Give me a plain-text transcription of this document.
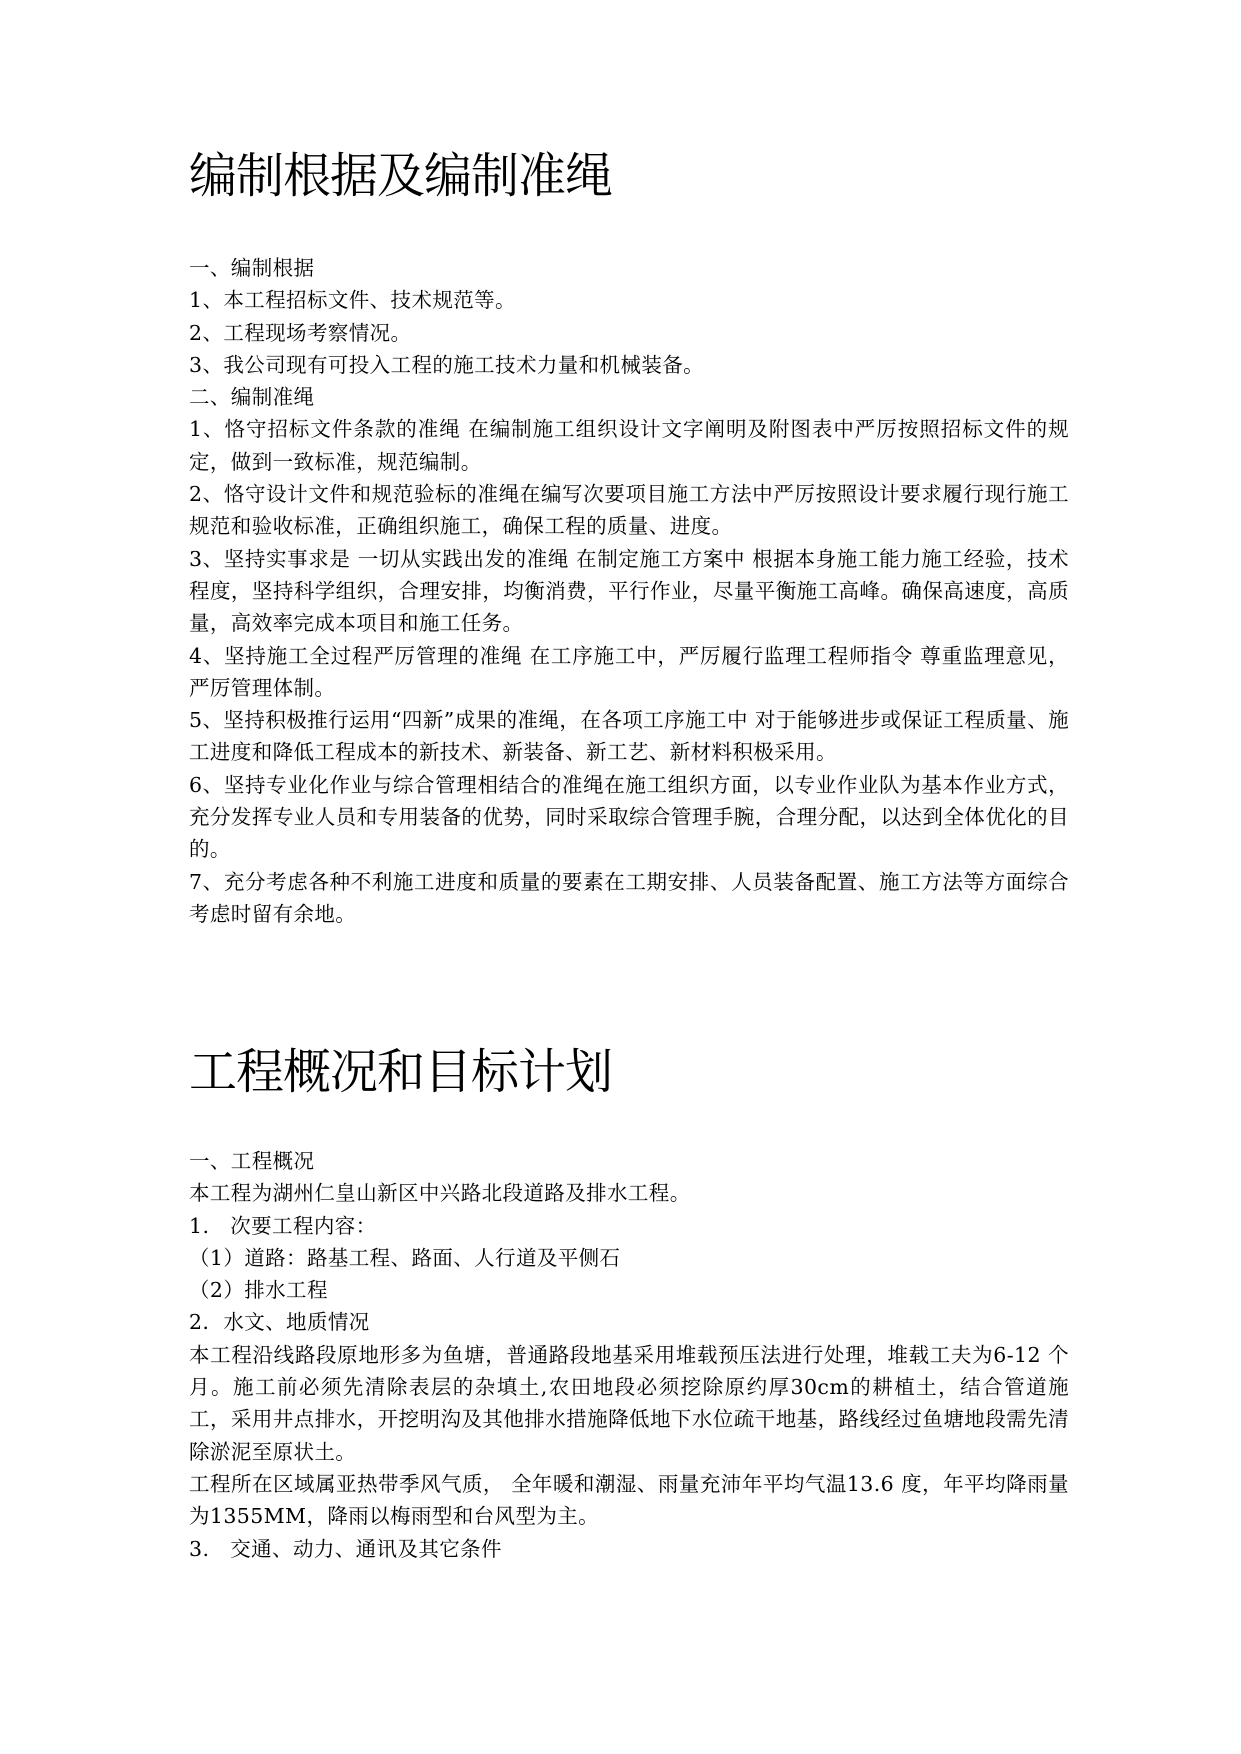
编制根据及编制准绳

一、编制根据

1、本工程招标文件、技术规范等。

2、工程现场考察情况。

3、我公司现有可投入工程的施工技术力量和机械装备。

二、编制准绳

1、恪守招标文件条款的准绳 在编制施工组织设计文字阐明及附图表中严厉按照招标文件的规定，做到一致标准，规范编制。

2、恪守设计文件和规范验标的准绳在编写次要项目施工方法中严厉按照设计要求履行现行施工规范和验收标准，正确组织施工，确保工程的质量、进度。

3、坚持实事求是 一切从实践出发的准绳 在制定施工方案中 根据本身施工能力施工经验，技术程度，坚持科学组织，合理安排，均衡消费，平行作业，尽量平衡施工高峰。确保高速度，高质量，高效率完成本项目和施工任务。

4、坚持施工全过程严厉管理的准绳 在工序施工中，严厉履行监理工程师指令 尊重监理意见，严厉管理体制。

5、坚持积极推行运用“四新”成果的准绳，在各项工序施工中 对于能够进步或保证工程质量、施工进度和降低工程成本的新技术、新装备、新工艺、新材料积极采用。

6、坚持专业化作业与综合管理相结合的准绳在施工组织方面，以专业作业队为基本作业方式，充分发挥专业人员和专用装备的优势，同时采取综合管理手腕，合理分配，以达到全体优化的目的。

7、充分考虑各种不利施工进度和质量的要素在工期安排、人员装备配置、施工方法等方面综合考虑时留有余地。

工程概况和目标计划

一、工程概况

本工程为湖州仁皇山新区中兴路北段道路及排水工程。

1.　次要工程内容：

（1）道路：路基工程、路面、人行道及平侧石

（2）排水工程

2．水文、地质情况

本工程沿线路段原地形多为鱼塘，普通路段地基采用堆载预压法进行处理，堆载工夫为6-12 个月。施工前必须先清除表层的杂填土,农田地段必须挖除原约厚30cm的耕植土，结合管道施工，采用井点排水，开挖明沟及其他排水措施降低地下水位疏干地基，路线经过鱼塘地段需先清除淤泥至原状土。

工程所在区域属亚热带季风气质， 全年暖和潮湿、雨量充沛年平均气温13.6 度，年平均降雨量为1355MM，降雨以梅雨型和台风型为主。

3.　交通、动力、通讯及其它条件
